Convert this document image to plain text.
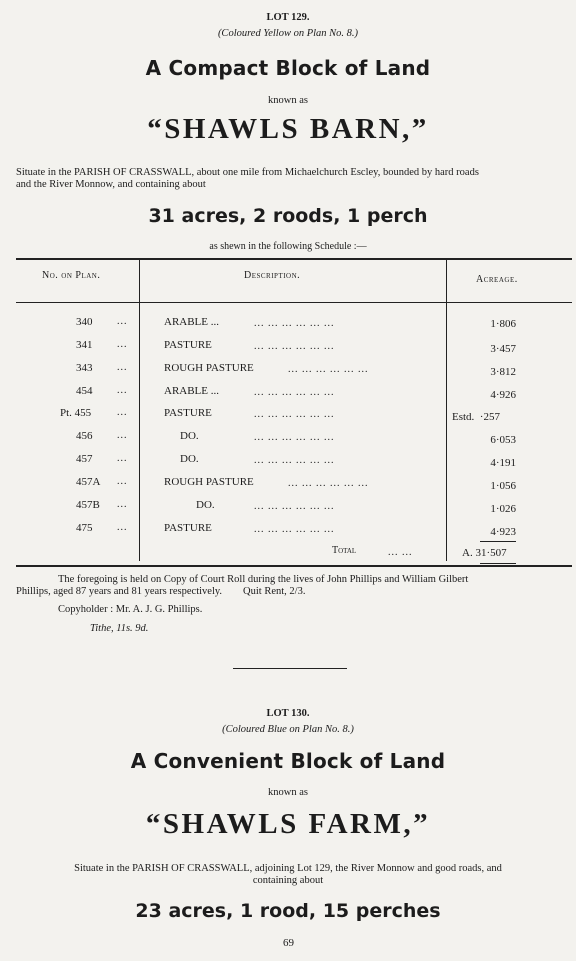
LOT 129.
(Coloured Yellow on Plan No. 8.)
A Compact Block of Land
known as
“SHAWLS BARN,”
Situate in the PARISH OF CRASSWALL, about one mile from Michaelchurch Escley, bounded by hard roads
and the River Monnow, and containing about
31 acres, 2 roods, 1 perch
as shewn in the following Schedule :—
No. on Plan.	Description.	Acreage.
340 ...	ARABLE ...	... ... ... ... ... ...	1·806
341 ...	PASTURE	... ... ... ... ... ...	3·457
343 ...	ROUGH PASTURE	... ... ... ... ... ...	3·812
454 ...	ARABLE ...	... ... ... ... ... ...	4·926
Pt. 455	...	PASTURE	... ... ... ... ... ...	Estd.  ·257
456 ...	DO.	... ... ... ... ... ...	6·053
457 ...	DO.	... ... ... ... ... ...	4·191
457A ...	ROUGH PASTURE	... ... ... ... ... ...	1·056
457B ...	DO.	... ... ... ... ... ...	1·026
475 ...	PASTURE	... ... ... ... ... ...	4·923
Total	... ...	A. 31·507
The foregoing is held on Copy of Court Roll during the lives of John Phillips and William Gilbert
Phillips, aged 87 years and 81 years respectively.        Quit Rent, 2/3.
Copyholder : Mr. A. J. G. Phillips.
Tithe, 11s. 9d.
LOT 130.
(Coloured Blue on Plan No. 8.)
A Convenient Block of Land
known as
“SHAWLS FARM,”
Situate in the PARISH OF CRASSWALL, adjoining Lot 129, the River Monnow and good roads, and
containing about
23 acres, 1 rood, 15 perches
69
